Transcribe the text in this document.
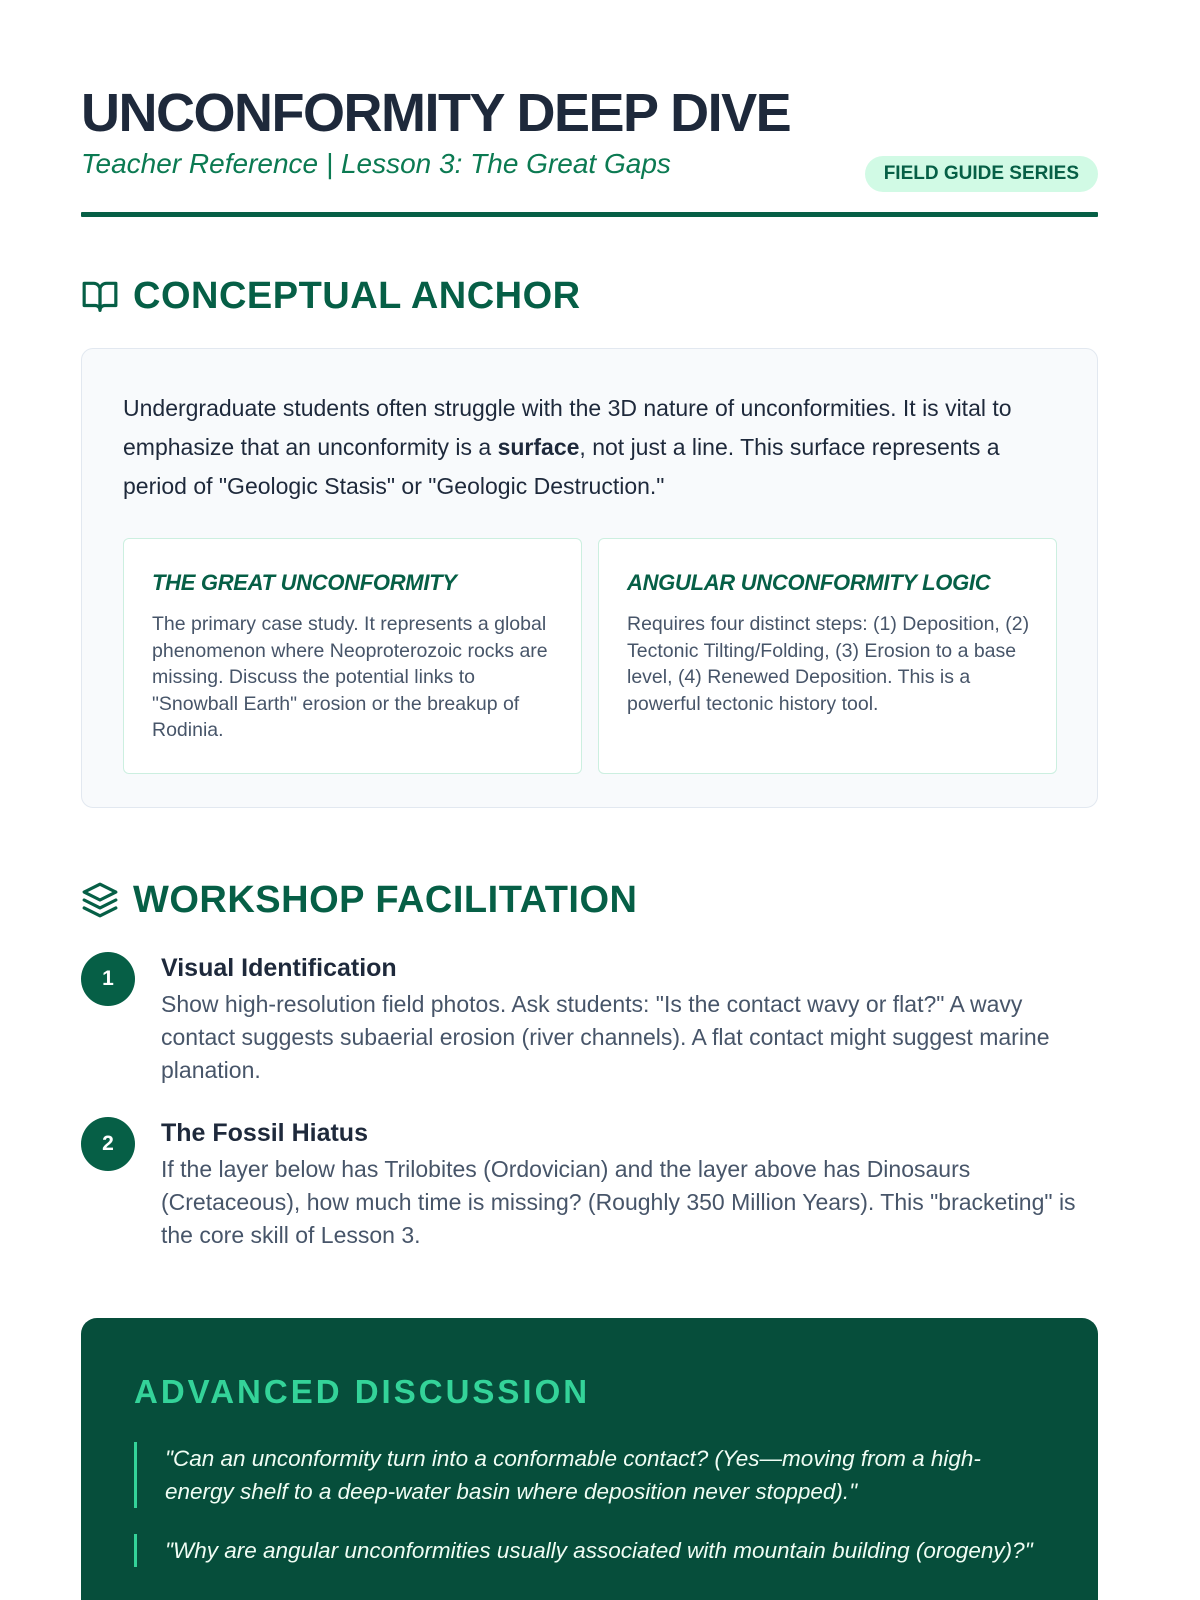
UNCONFORMITY DEEP DIVE
Teacher Reference | Lesson 3: The Great Gaps	FIELD GUIDE SERIES
CONCEPTUAL ANCHOR

Undergraduate students often struggle with the 3D nature of unconformities. It is vital to emphasize that an unconformity is a surface, not just a line. This surface represents a period of "Geologic Stasis" or "Geologic Destruction."

THE GREAT UNCONFORMITY

The primary case study. It represents a global phenomenon where Neoproterozoic rocks are missing. Discuss the potential links to "Snowball Earth" erosion or the breakup of Rodinia.

ANGULAR UNCONFORMITY LOGIC

Requires four distinct steps: (1) Deposition, (2) Tectonic Tilting/Folding, (3) Erosion to a base level, (4) Renewed Deposition. This is a powerful tectonic history tool.

WORKSHOP FACILITATION
1	Visual Identification
Show high-resolution field photos. Ask students: "Is the contact wavy or flat?" A wavy contact suggests subaerial erosion (river channels). A flat contact might suggest marine planation.
2	The Fossil Hiatus
If the layer below has Trilobites (Ordovician) and the layer above has Dinosaurs (Cretaceous), how much time is missing? (Roughly 350 Million Years). This "bracketing" is the core skill of Lesson 3.
ADVANCED DISCUSSION
"Can an unconformity turn into a conformable contact? (Yes—moving from a high-energy shelf to a deep-water basin where deposition never stopped)."
"Why are angular unconformities usually associated with mountain building (orogeny)?"
